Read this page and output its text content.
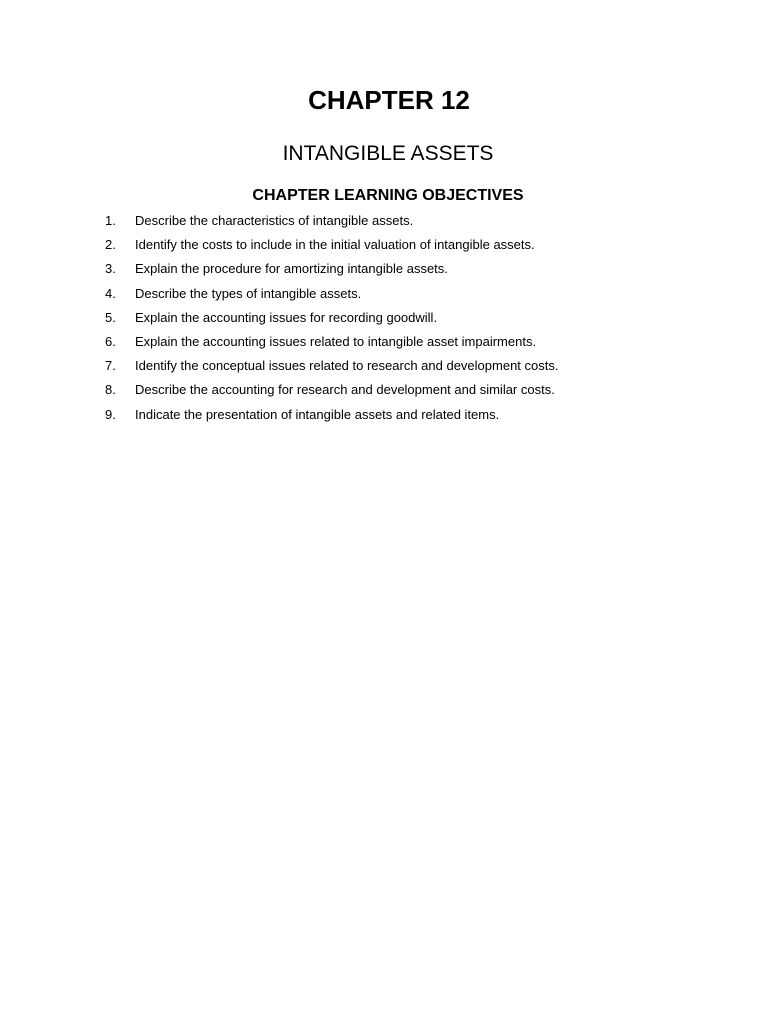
CHAPTER 12
INTANGIBLE ASSETS
CHAPTER LEARNING OBJECTIVES
1. Describe the characteristics of intangible assets.
2. Identify the costs to include in the initial valuation of intangible assets.
3. Explain the procedure for amortizing intangible assets.
4. Describe the types of intangible assets.
5. Explain the accounting issues for recording goodwill.
6. Explain the accounting issues related to intangible asset impairments.
7. Identify the conceptual issues related to research and development costs.
8. Describe the accounting for research and development and similar costs.
9. Indicate the presentation of intangible assets and related items.
